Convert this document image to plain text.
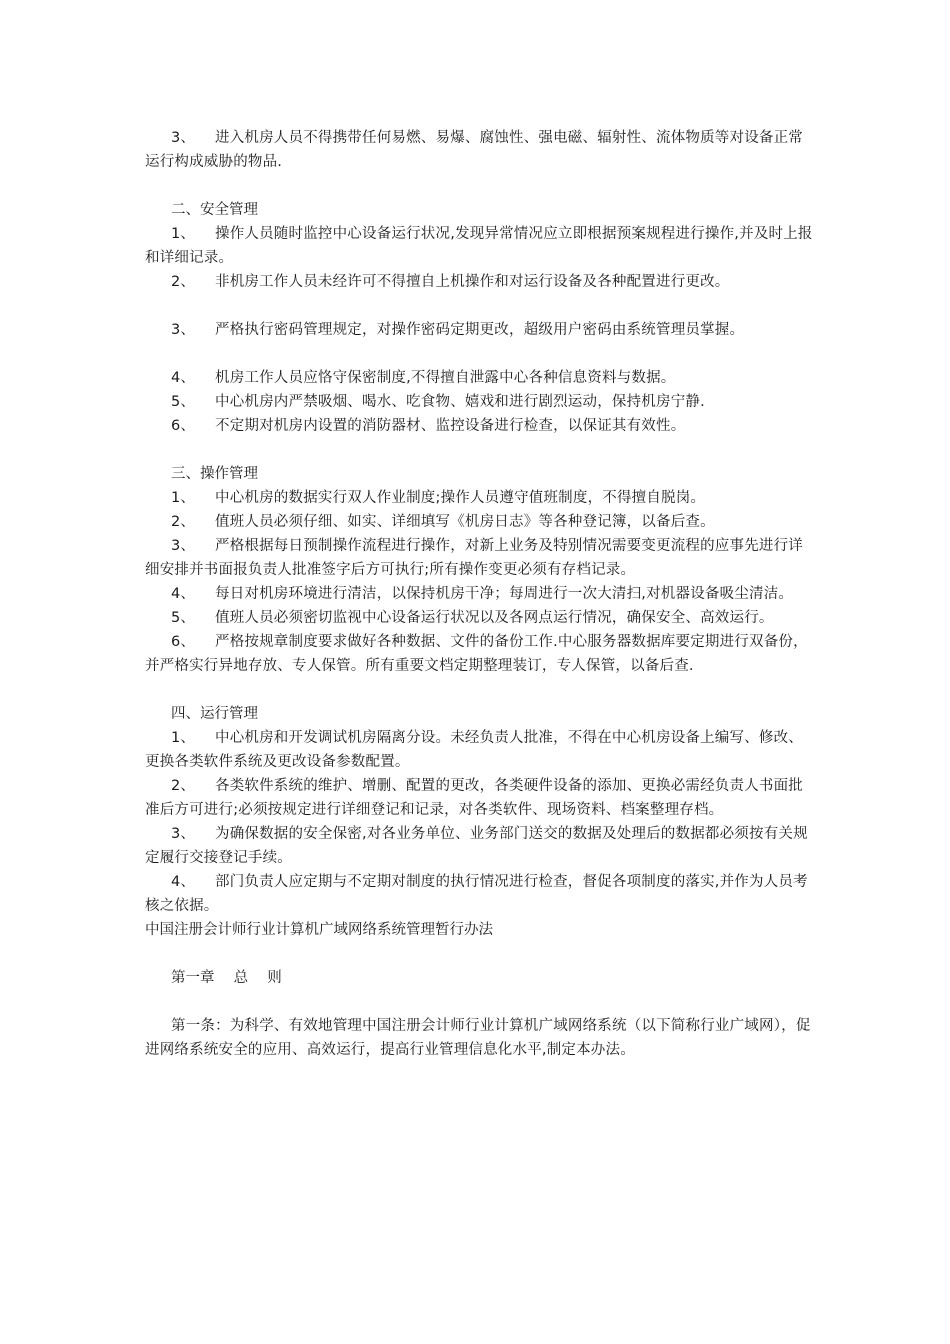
3、 进入机房人员不得携带任何易燃、易爆、腐蚀性、强电磁、辐射性、流体物质等对设备正常运行构成威胁的物品.

二、安全管理

1、 操作人员随时监控中心设备运行状况,发现异常情况应立即根据预案规程进行操作,并及时上报和详细记录。

2、 非机房工作人员未经许可不得擅自上机操作和对运行设备及各种配置进行更改。

3、 严格执行密码管理规定，对操作密码定期更改，超级用户密码由系统管理员掌握。

4、 机房工作人员应恪守保密制度,不得擅自泄露中心各种信息资料与数据。

5、 中心机房内严禁吸烟、喝水、吃食物、嬉戏和进行剧烈运动，保持机房宁静.

6、 不定期对机房内设置的消防器材、监控设备进行检查，以保证其有效性。

三、操作管理

1、 中心机房的数据实行双人作业制度;操作人员遵守值班制度，不得擅自脱岗。

2、 值班人员必须仔细、如实、详细填写《机房日志》等各种登记簿，以备后查。

3、 严格根据每日预制操作流程进行操作，对新上业务及特别情况需要变更流程的应事先进行详细安排并书面报负责人批准签字后方可执行;所有操作变更必须有存档记录。

4、 每日对机房环境进行清洁，以保持机房干净；每周进行一次大清扫,对机器设备吸尘清洁。

5、 值班人员必须密切监视中心设备运行状况以及各网点运行情况，确保安全、高效运行。

6、 严格按规章制度要求做好各种数据、文件的备份工作.中心服务器数据库要定期进行双备份，并严格实行异地存放、专人保管。所有重要文档定期整理装订，专人保管，以备后查.

四、运行管理

1、 中心机房和开发调试机房隔离分设。未经负责人批准，不得在中心机房设备上编写、修改、更换各类软件系统及更改设备参数配置。

2、 各类软件系统的维护、增删、配置的更改，各类硬件设备的添加、更换必需经负责人书面批准后方可进行;必须按规定进行详细登记和记录，对各类软件、现场资料、档案整理存档。

3、 为确保数据的安全保密,对各业务单位、业务部门送交的数据及处理后的数据都必须按有关规定履行交接登记手续。

4、 部门负责人应定期与不定期对制度的执行情况进行检查，督促各项制度的落实,并作为人员考核之依据。

中国注册会计师行业计算机广域网络系统管理暂行办法

第一章　 总　 则

第一条：为科学、有效地管理中国注册会计师行业计算机广域网络系统（以下简称行业广域网），促进网络系统安全的应用、高效运行，提高行业管理信息化水平,制定本办法。
